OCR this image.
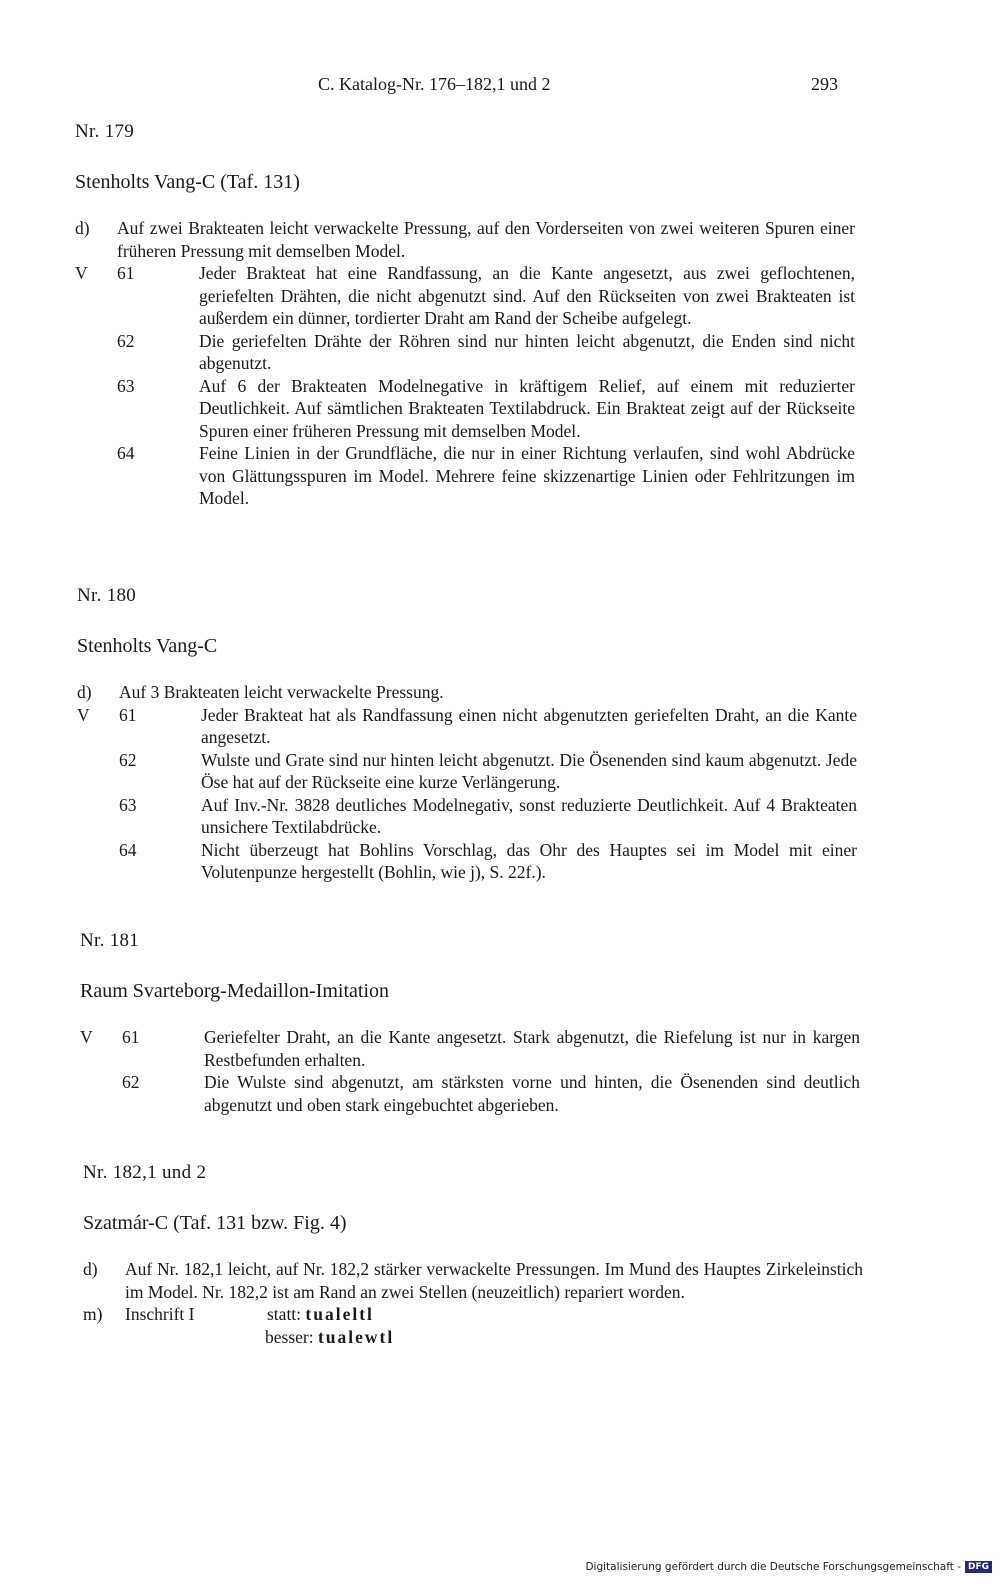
C. Katalog-Nr. 176–182,1 und 2	293
Nr. 179
Stenholts Vang-C (Taf. 131)
d)	Auf zwei Brakteaten leicht verwackelte Pressung, auf den Vorderseiten von zwei weiteren Spuren einer früheren Pressung mit demselben Model.
V	61	Jeder Brakteat hat eine Randfassung, an die Kante angesetzt, aus zwei geflochtenen, geriefelten Drähten, die nicht abgenutzt sind. Auf den Rückseiten von zwei Brakteaten ist außerdem ein dünner, tordierter Draht am Rand der Scheibe aufgelegt.
62	Die geriefelten Drähte der Röhren sind nur hinten leicht abgenutzt, die Enden sind nicht abgenutzt.
63	Auf 6 der Brakteaten Modelnegative in kräftigem Relief, auf einem mit reduzierter Deutlichkeit. Auf sämtlichen Brakteaten Textilabdruck. Ein Brakteat zeigt auf der Rückseite Spuren einer früheren Pressung mit demselben Model.
64	Feine Linien in der Grundfläche, die nur in einer Richtung verlaufen, sind wohl Abdrücke von Glättungsspuren im Model. Mehrere feine skizzenartige Linien oder Fehlritzungen im Model.
Nr. 180
Stenholts Vang-C
d)	Auf 3 Brakteaten leicht verwackelte Pressung.
V	61	Jeder Brakteat hat als Randfassung einen nicht abgenutzten geriefelten Draht, an die Kante angesetzt.
62	Wulste und Grate sind nur hinten leicht abgenutzt. Die Ösenenden sind kaum abgenutzt. Jede Öse hat auf der Rückseite eine kurze Verlängerung.
63	Auf Inv.-Nr. 3828 deutliches Modelnegativ, sonst reduzierte Deutlichkeit. Auf 4 Brakteaten unsichere Textilabdrücke.
64	Nicht überzeugt hat Bohlins Vorschlag, das Ohr des Hauptes sei im Model mit einer Volutenpunze hergestellt (Bohlin, wie j), S. 22f.).
Nr. 181
Raum Svarteborg-Medaillon-Imitation
V	61	Geriefelter Draht, an die Kante angesetzt. Stark abgenutzt, die Riefelung ist nur in kargen Restbefunden erhalten.
62	Die Wulste sind abgenutzt, am stärksten vorne und hinten, die Ösenenden sind deutlich abgenutzt und oben stark eingebuchtet abgerieben.
Nr. 182,1 und 2
Szatmár-C (Taf. 131 bzw. Fig. 4)
d)	Auf Nr. 182,1 leicht, auf Nr. 182,2 stärker verwackelte Pressungen. Im Mund des Hauptes Zirkeleinstich im Model. Nr. 182,2 ist am Rand an zwei Stellen (neuzeitlich) repariert worden.
m)	Inschrift I	statt: tualeltl
besser: tualewtl
Digitalisierung gefördert durch die Deutsche Forschungsgemeinschaft - DFG
